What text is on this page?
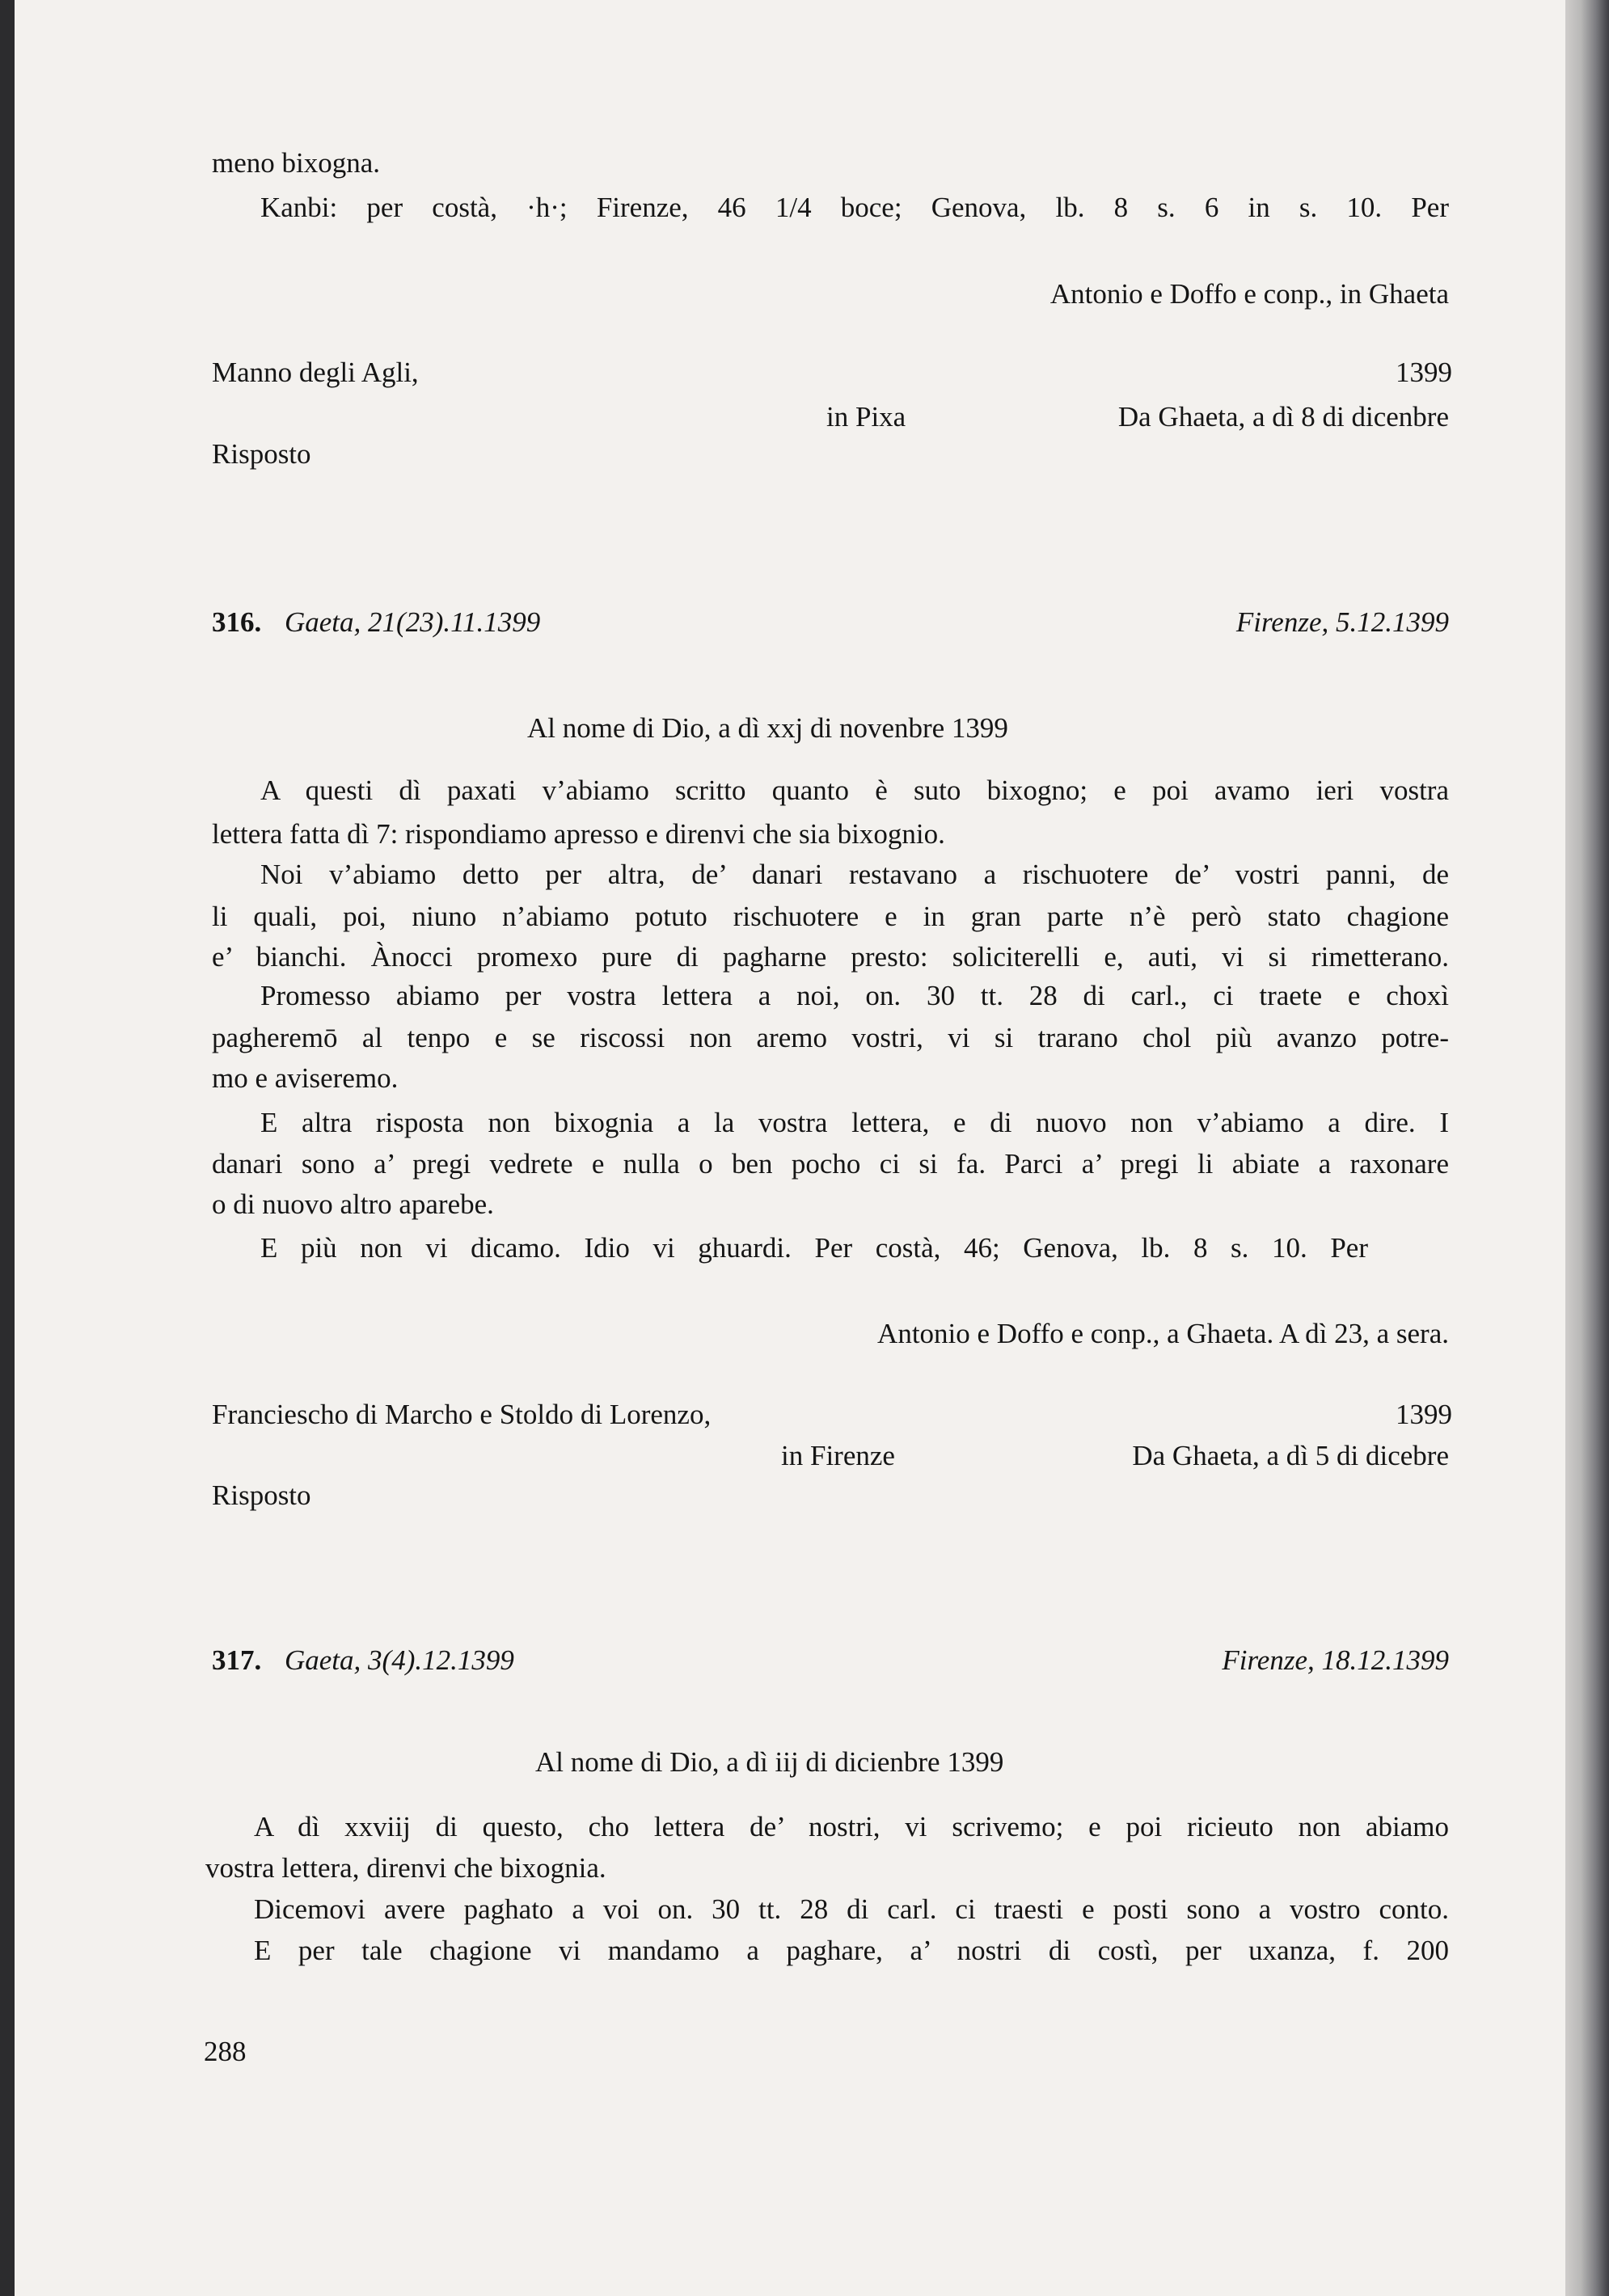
meno bixogna.
Kanbi: per costà, ·h·; Firenze, 46 1/4 boce; Genova, lb. 8 s. 6 in s. 10. Per
Antonio e Doffo e conp., in Ghaeta
Manno degli Agli,	1399
in Pixa	Da Ghaeta, a dì 8 di dicenbre
Risposto
316. Gaeta, 21(23).11.1399	Firenze, 5.12.1399
Al nome di Dio, a dì xxj di novenbre 1399
A questi dì paxati v’abiamo scritto quanto è suto bixogno; e poi avamo ieri vostra
lettera fatta dì 7: rispondiamo apresso e direnvi che sia bixognio.
Noi v’abiamo detto per altra, de’ danari restavano a rischuotere de’ vostri panni, de
li quali, poi, niuno n’abiamo potuto rischuotere e in gran parte n’è però stato chagione
e’ bianchi. Ànocci promexo pure di pagharne presto: soliciterelli e, auti, vi si rimetterano.
Promesso abiamo per vostra lettera a noi, on. 30 tt. 28 di carl., ci traete e choxì
pagheremō al tenpo e se riscossi non aremo vostri, vi si trarano chol più avanzo potre-
mo e aviseremo.
E altra risposta non bixognia a la vostra lettera, e di nuovo non v’abiamo a dire. I
danari sono a’ pregi vedrete e nulla o ben pocho ci si fa. Parci a’ pregi li abiate a raxonare
o di nuovo altro aparebe.
E più non vi dicamo. Idio vi ghuardi. Per costà, 46; Genova, lb. 8 s. 10. Per
Antonio e Doffo e conp., a Ghaeta. A dì 23, a sera.
Franciescho di Marcho e Stoldo di Lorenzo,	1399
in Firenze	Da Ghaeta, a dì 5 di dicebre
Risposto
317. Gaeta, 3(4).12.1399	Firenze, 18.12.1399
Al nome di Dio, a dì iij di dicienbre 1399
A dì xxviij di questo, cho lettera de’ nostri, vi scrivemo; e poi ricieuto non abiamo
vostra lettera, direnvi che bixognia.
Dicemovi avere paghato a voi on. 30 tt. 28 di carl. ci traesti e posti sono a vostro conto.
E per tale chagione vi mandamo a paghare, a’ nostri di costì, per uxanza, f. 200
288
